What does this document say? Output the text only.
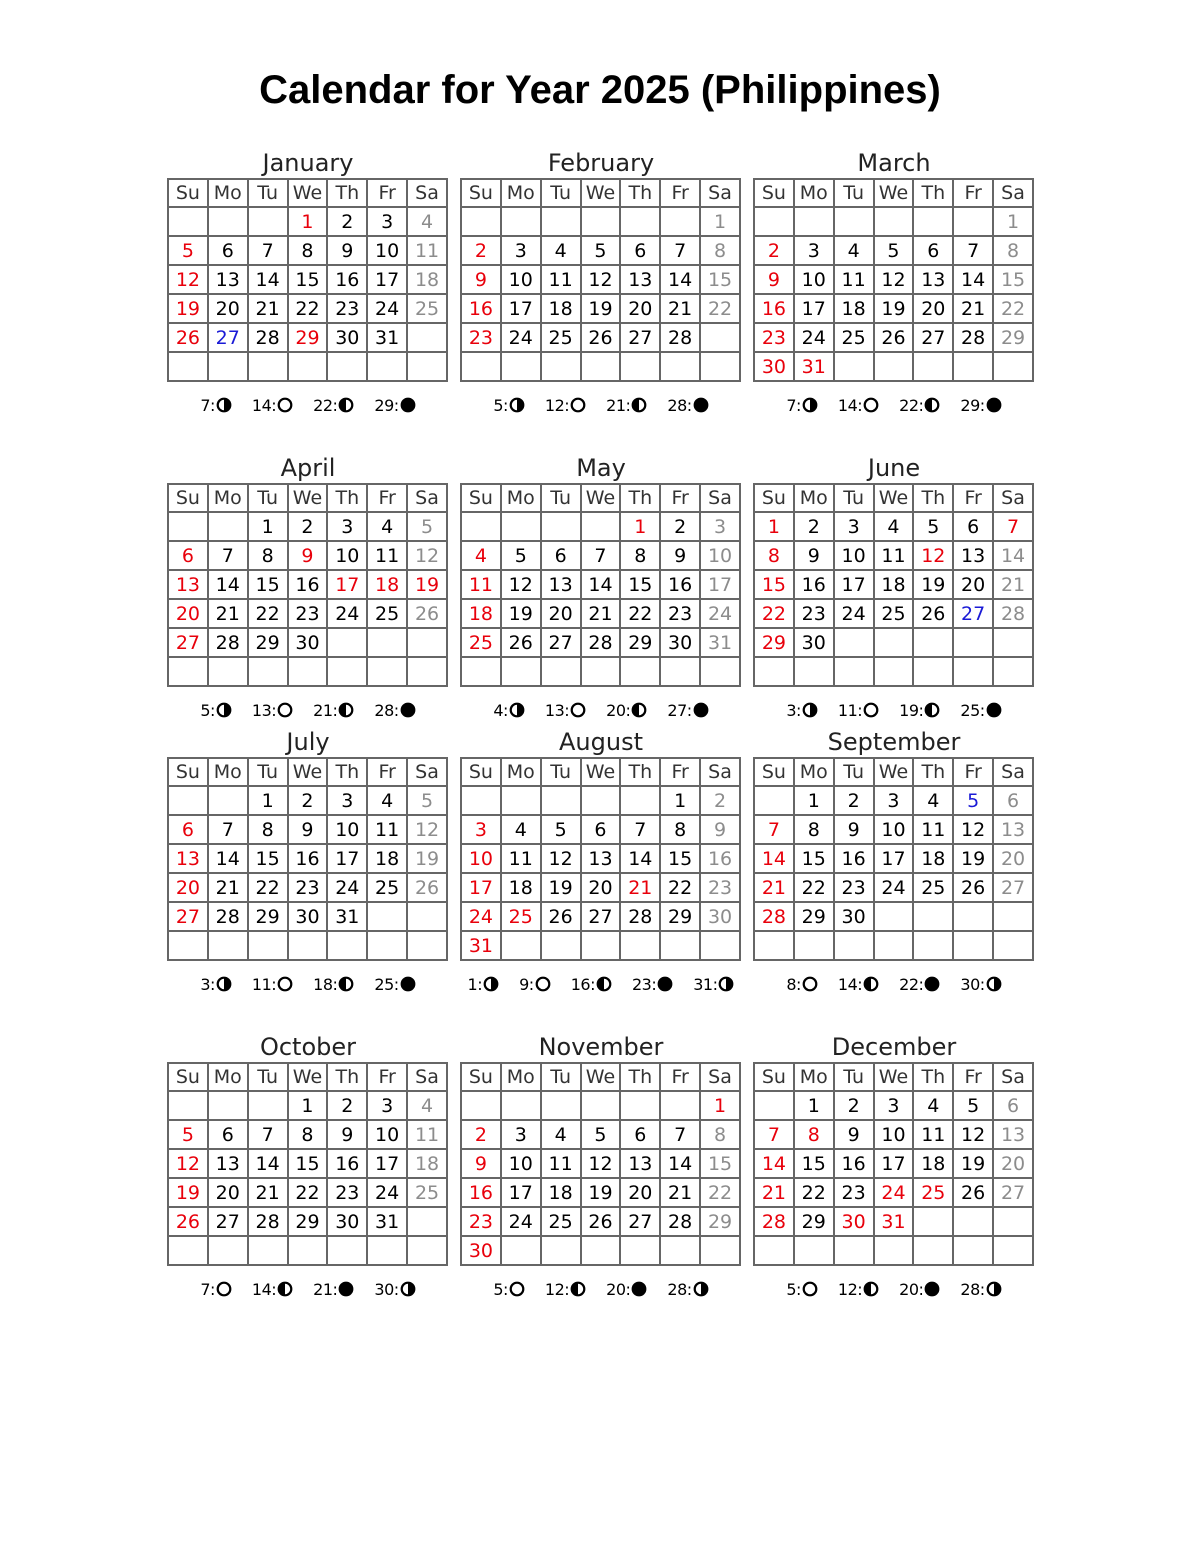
Calendar for Year 2025 (Philippines)
January
Su	Mo	Tu	We	Th	Fr	Sa
			1	2	3	4
5	6	7	8	9	10	11
12	13	14	15	16	17	18
19	20	21	22	23	24	25
26	27	28	29	30	31	

7: 14: 22: 29:
February
Su	Mo	Tu	We	Th	Fr	Sa
						1
2	3	4	5	6	7	8
9	10	11	12	13	14	15
16	17	18	19	20	21	22
23	24	25	26	27	28	

5: 12: 21: 28:
March
Su	Mo	Tu	We	Th	Fr	Sa
						1
2	3	4	5	6	7	8
9	10	11	12	13	14	15
16	17	18	19	20	21	22
23	24	25	26	27	28	29
30	31					
7: 14: 22: 29:
April
Su	Mo	Tu	We	Th	Fr	Sa
		1	2	3	4	5
6	7	8	9	10	11	12
13	14	15	16	17	18	19
20	21	22	23	24	25	26
27	28	29	30			

5: 13: 21: 28:
May
Su	Mo	Tu	We	Th	Fr	Sa
				1	2	3
4	5	6	7	8	9	10
11	12	13	14	15	16	17
18	19	20	21	22	23	24
25	26	27	28	29	30	31

4: 13: 20: 27:
June
Su	Mo	Tu	We	Th	Fr	Sa
1	2	3	4	5	6	7
8	9	10	11	12	13	14
15	16	17	18	19	20	21
22	23	24	25	26	27	28
29	30					

3: 11: 19: 25:
July
Su	Mo	Tu	We	Th	Fr	Sa
		1	2	3	4	5
6	7	8	9	10	11	12
13	14	15	16	17	18	19
20	21	22	23	24	25	26
27	28	29	30	31		

3: 11: 18: 25:
August
Su	Mo	Tu	We	Th	Fr	Sa
					1	2
3	4	5	6	7	8	9
10	11	12	13	14	15	16
17	18	19	20	21	22	23
24	25	26	27	28	29	30
31						
1: 9: 16: 23: 31:
September
Su	Mo	Tu	We	Th	Fr	Sa
	1	2	3	4	5	6
7	8	9	10	11	12	13
14	15	16	17	18	19	20
21	22	23	24	25	26	27
28	29	30				

8: 14: 22: 30:
October
Su	Mo	Tu	We	Th	Fr	Sa
			1	2	3	4
5	6	7	8	9	10	11
12	13	14	15	16	17	18
19	20	21	22	23	24	25
26	27	28	29	30	31	

7: 14: 21: 30:
November
Su	Mo	Tu	We	Th	Fr	Sa
						1
2	3	4	5	6	7	8
9	10	11	12	13	14	15
16	17	18	19	20	21	22
23	24	25	26	27	28	29
30						
5: 12: 20: 28:
December
Su	Mo	Tu	We	Th	Fr	Sa
	1	2	3	4	5	6
7	8	9	10	11	12	13
14	15	16	17	18	19	20
21	22	23	24	25	26	27
28	29	30	31			

5: 12: 20: 28:
